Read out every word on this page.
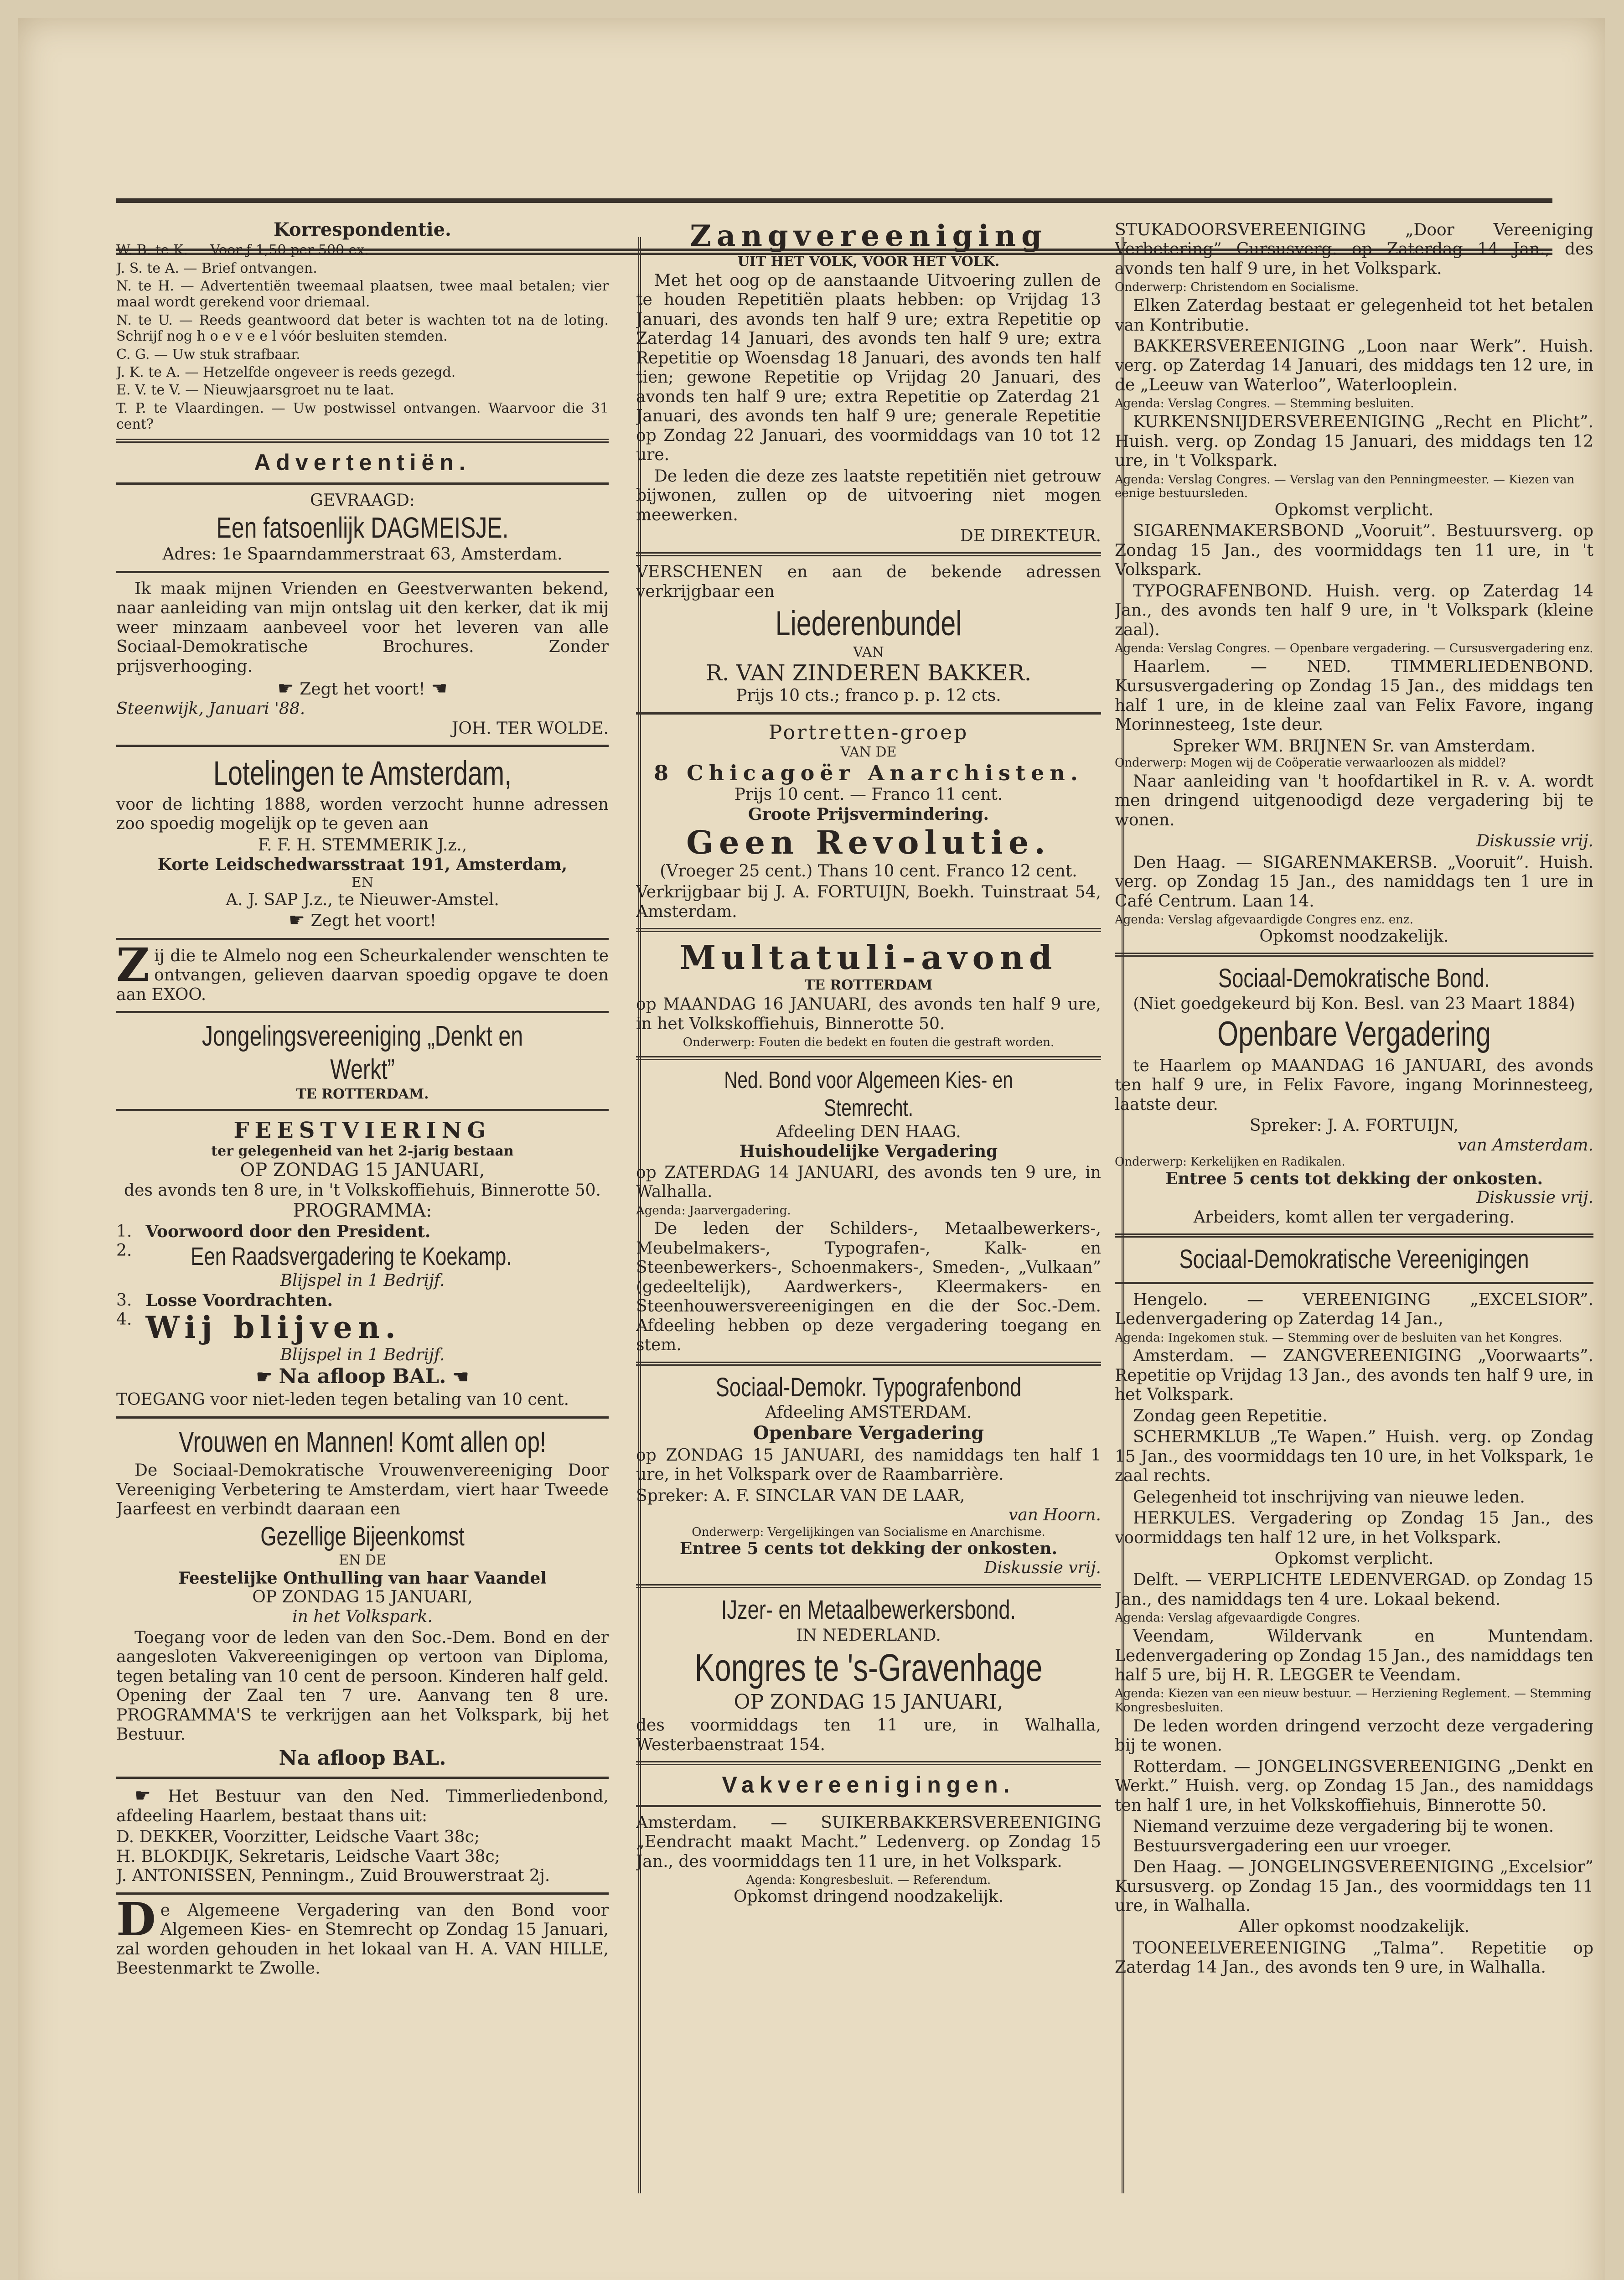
Korrespondentie.

W. B. te K. — Voor ƒ 1,50 per 500 ex.

J. S. te A. — Brief ontvangen.

N. te H. — Advertentiën tweemaal plaatsen, twee maal betalen; vier maal wordt gerekend voor driemaal.

N. te U. — Reeds geantwoord dat beter is wachten tot na de loting. Schrijf nog h o e v e e l vóór besluiten stemden.

C. G. — Uw stuk strafbaar.

J. K. te A. — Hetzelfde ongeveer is reeds gezegd.

E. V. te V. — Nieuwjaarsgroet nu te laat.

T. P. te Vlaardingen. — Uw postwissel ontvangen. Waarvoor die 31 cent?

Advertentiën.
GEVRAAGD:
Een fatsoenlijk DAGMEISJE.
Adres: 1e Spaarndammerstraat 63, Amsterdam.

Ik maak mijnen Vrienden en Geestverwanten bekend, naar aanleiding van mijn ontslag uit den kerker, dat ik mij weer minzaam aanbeveel voor het leveren van alle Sociaal-Demokratische Brochures. Zonder prijsverhooging.

☛ Zegt het voort! ☚
Steenwijk, Januari '88.
JOH. TER WOLDE.
Lotelingen te Amsterdam,

voor de lichting 1888, worden verzocht hunne adressen zoo spoedig mogelijk op te geven aan

F. F. H. STEMMERIK J.z.,
Korte Leidschedwarsstraat 191, Amsterdam,
EN
A. J. SAP J.z., te Nieuwer-Amstel.
☛ Zegt het voort!

Zij die te Almelo nog een Scheurkalender wenschten te ontvangen, gelieven daarvan spoedig opgave te doen aan EXOO.

Jongelingsvereeniging „Denkt en Werkt”
TE ROTTERDAM.
FEESTVIERING
ter gelegenheid van het 2-jarig bestaan
OP ZONDAG 15 JANUARI,
des avonds ten 8 ure, in 't Volkskoffiehuis, Binnerotte 50.
PROGRAMMA:
1. Voorwoord door den President.
2. Een Raadsvergadering te Koekamp.
Blijspel in 1 Bedrijf.
3. Losse Voordrachten.
4. Wij blijven.
Blijspel in 1 Bedrijf.
☛ Na afloop BAL. ☚

TOEGANG voor niet-leden tegen betaling van 10 cent.

Vrouwen en Mannen! Komt allen op!

De Sociaal-Demokratische Vrouwenvereeniging Door Vereeniging Verbetering te Amsterdam, viert haar Tweede Jaarfeest en verbindt daaraan een

Gezellige Bijeenkomst
EN DE
Feestelijke Onthulling van haar Vaandel
OP ZONDAG 15 JANUARI,
in het Volkspark.

Toegang voor de leden van den Soc.-Dem. Bond en der aangesloten Vakvereenigingen op vertoon van Diploma, tegen betaling van 10 cent de persoon. Kinderen half geld. Opening der Zaal ten 7 ure. Aanvang ten 8 ure. PROGRAMMA'S te verkrijgen aan het Volkspark, bij het Bestuur.

Na afloop BAL.

☛ Het Bestuur van den Ned. Timmerliedenbond, afdeeling Haarlem, bestaat thans uit:

D. DEKKER, Voorzitter, Leidsche Vaart 38c;
H. BLOKDIJK, Sekretaris, Leidsche Vaart 38c;
J. ANTONISSEN, Penningm., Zuid Brouwerstraat 2j.

De Algemeene Vergadering van den Bond voor Algemeen Kies- en Stemrecht op Zondag 15 Januari, zal worden gehouden in het lokaal van H. A. VAN HILLE, Beestenmarkt te Zwolle.

Zangvereeniging
UIT HET VOLK, VOOR HET VOLK.

Met het oog op de aanstaande Uitvoering zullen de te houden Repetitiën plaats hebben: op Vrijdag 13 Januari, des avonds ten half 9 ure; extra Repetitie op Zaterdag 14 Januari, des avonds ten half 9 ure; extra Repetitie op Woensdag 18 Januari, des avonds ten half tien; gewone Repetitie op Vrijdag 20 Januari, des avonds ten half 9 ure; extra Repetitie op Zaterdag 21 Januari, des avonds ten half 9 ure; generale Repetitie op Zondag 22 Januari, des voormiddags van 10 tot 12 ure.

De leden die deze zes laatste repetitiën niet getrouw bijwonen, zullen op de uitvoering niet mogen meewerken.

DE DIREKTEUR.

VERSCHENEN en aan de bekende adressen verkrijgbaar een

Liederenbundel
VAN
R. VAN ZINDEREN BAKKER.
Prijs 10 cts.; franco p. p. 12 cts.
Portretten-groep
VAN DE
8 Chicagoër Anarchisten.
Prijs 10 cent. — Franco 11 cent.
Groote Prijsvermindering.
Geen Revolutie.
(Vroeger 25 cent.) Thans 10 cent. Franco 12 cent.

Verkrijgbaar bij J. A. FORTUIJN, Boekh. Tuinstraat 54, Amsterdam.

Multatuli-avond
TE ROTTERDAM

op MAANDAG 16 JANUARI, des avonds ten half 9 ure, in het Volkskoffiehuis, Binnerotte 50.

Onderwerp: Fouten die bedekt en fouten die gestraft worden.
Ned. Bond voor Algemeen Kies- en Stemrecht.
Afdeeling DEN HAAG.
Huishoudelijke Vergadering

op ZATERDAG 14 JANUARI, des avonds ten 9 ure, in Walhalla.

Agenda: Jaarvergadering.

De leden der Schilders-, Metaalbewerkers-, Meubelmakers-, Typografen-, Kalk- en Steenbewerkers-, Schoenmakers-, Smeden-, „Vulkaan” (gedeeltelijk), Aardwerkers-, Kleermakers- en Steenhouwersvereenigingen en die der Soc.-Dem. Afdeeling hebben op deze vergadering toegang en stem.

Sociaal-Demokr. Typografenbond
Afdeeling AMSTERDAM.
Openbare Vergadering

op ZONDAG 15 JANUARI, des namiddags ten half 1 ure, in het Volkspark over de Raambarrière.

Spreker: A. F. SINCLAR VAN DE LAAR,
van Hoorn.
Onderwerp: Vergelijkingen van Socialisme en Anarchisme.
Entree 5 cents tot dekking der onkosten.
Diskussie vrij.
IJzer- en Metaalbewerkersbond.
IN NEDERLAND.
Kongres te 's-Gravenhage
OP ZONDAG 15 JANUARI,

des voormiddags ten 11 ure, in Walhalla, Westerbaenstraat 154.

Vakvereenigingen.

Amsterdam. — SUIKERBAKKERSVEREENIGING „Eendracht maakt Macht.” Ledenverg. op Zondag 15 Jan., des voormiddags ten 11 ure, in het Volkspark.

Agenda: Kongresbesluit. — Referendum.
Opkomst dringend noodzakelijk.

STUKADOORSVEREENIGING „Door Vereeniging Verbetering” Cursusverg. op Zaterdag 14 Jan., des avonds ten half 9 ure, in het Volkspark.

Onderwerp: Christendom en Socialisme.

Elken Zaterdag bestaat er gelegenheid tot het betalen van Kontributie.

BAKKERSVEREENIGING „Loon naar Werk”. Huish. verg. op Zaterdag 14 Januari, des middags ten 12 ure, in de „Leeuw van Waterloo”, Waterlooplein.

Agenda: Verslag Congres. — Stemming besluiten.

KURKENSNIJDERSVEREENIGING „Recht en Plicht”. Huish. verg. op Zondag 15 Januari, des middags ten 12 ure, in 't Volkspark.

Agenda: Verslag Congres. — Verslag van den Penningmeester. — Kiezen van eenige bestuursleden.
Opkomst verplicht.

SIGARENMAKERSBOND „Vooruit”. Bestuursverg. op Zondag 15 Jan., des voormiddags ten 11 ure, in 't Volkspark.

TYPOGRAFENBOND. Huish. verg. op Zaterdag 14 Jan., des avonds ten half 9 ure, in 't Volkspark (kleine zaal).

Agenda: Verslag Congres. — Openbare vergadering. — Cursusvergadering enz.

Haarlem. — NED. TIMMERLIEDENBOND. Kursusvergadering op Zondag 15 Jan., des middags ten half 1 ure, in de kleine zaal van Felix Favore, ingang Morinnesteeg, 1ste deur.

Spreker WM. BRIJNEN Sr. van Amsterdam.
Onderwerp: Mogen wij de Coöperatie verwaarloozen als middel?

Naar aanleiding van 't hoofdartikel in R. v. A. wordt men dringend uitgenoodigd deze vergadering bij te wonen.

Diskussie vrij.

Den Haag. — SIGARENMAKERSB. „Vooruit”. Huish. verg. op Zondag 15 Jan., des namiddags ten 1 ure in Café Centrum. Laan 14.

Agenda: Verslag afgevaardigde Congres enz. enz.
Opkomst noodzakelijk.
Sociaal-Demokratische Bond.
(Niet goedgekeurd bij Kon. Besl. van 23 Maart 1884)
Openbare Vergadering

te Haarlem op MAANDAG 16 JANUARI, des avonds ten half 9 ure, in Felix Favore, ingang Morinnesteeg, laatste deur.

Spreker: J. A. FORTUIJN,
van Amsterdam.
Onderwerp: Kerkelijken en Radikalen.
Entree 5 cents tot dekking der onkosten.
Diskussie vrij.
Arbeiders, komt allen ter vergadering.
Sociaal-Demokratische Vereenigingen

Hengelo. — VEREENIGING „EXCELSIOR”. Ledenvergadering op Zaterdag 14 Jan.,

Agenda: Ingekomen stuk. — Stemming over de besluiten van het Kongres.

Amsterdam. — ZANGVEREENIGING „Voorwaarts”. Repetitie op Vrijdag 13 Jan., des avonds ten half 9 ure, in het Volkspark.

Zondag geen Repetitie.

SCHERMKLUB „Te Wapen.” Huish. verg. op Zondag 15 Jan., des voormiddags ten 10 ure, in het Volkspark, 1e zaal rechts.

Gelegenheid tot inschrijving van nieuwe leden.

HERKULES. Vergadering op Zondag 15 Jan., des voormiddags ten half 12 ure, in het Volkspark.

Opkomst verplicht.

Delft. — VERPLICHTE LEDENVERGAD. op Zondag 15 Jan., des namiddags ten 4 ure. Lokaal bekend.

Agenda: Verslag afgevaardigde Congres.

Veendam, Wildervank en Muntendam. Ledenvergadering op Zondag 15 Jan., des namiddags ten half 5 ure, bij H. R. LEGGER te Veendam.

Agenda: Kiezen van een nieuw bestuur. — Herziening Reglement. — Stemming Kongresbesluiten.

De leden worden dringend verzocht deze vergadering bij te wonen.

Rotterdam. — JONGELINGSVEREENIGING „Denkt en Werkt.” Huish. verg. op Zondag 15 Jan., des namiddags ten half 1 ure, in het Volkskoffiehuis, Binnerotte 50.

Niemand verzuime deze vergadering bij te wonen.
Bestuursvergadering een uur vroeger.

Den Haag. — JONGELINGSVEREENIGING „Excelsior” Kursusverg. op Zondag 15 Jan., des voormiddags ten 11 ure, in Walhalla.

Aller opkomst noodzakelijk.

TOONEELVEREENIGING „Talma”. Repetitie op Zaterdag 14 Jan., des avonds ten 9 ure, in Walhalla.
